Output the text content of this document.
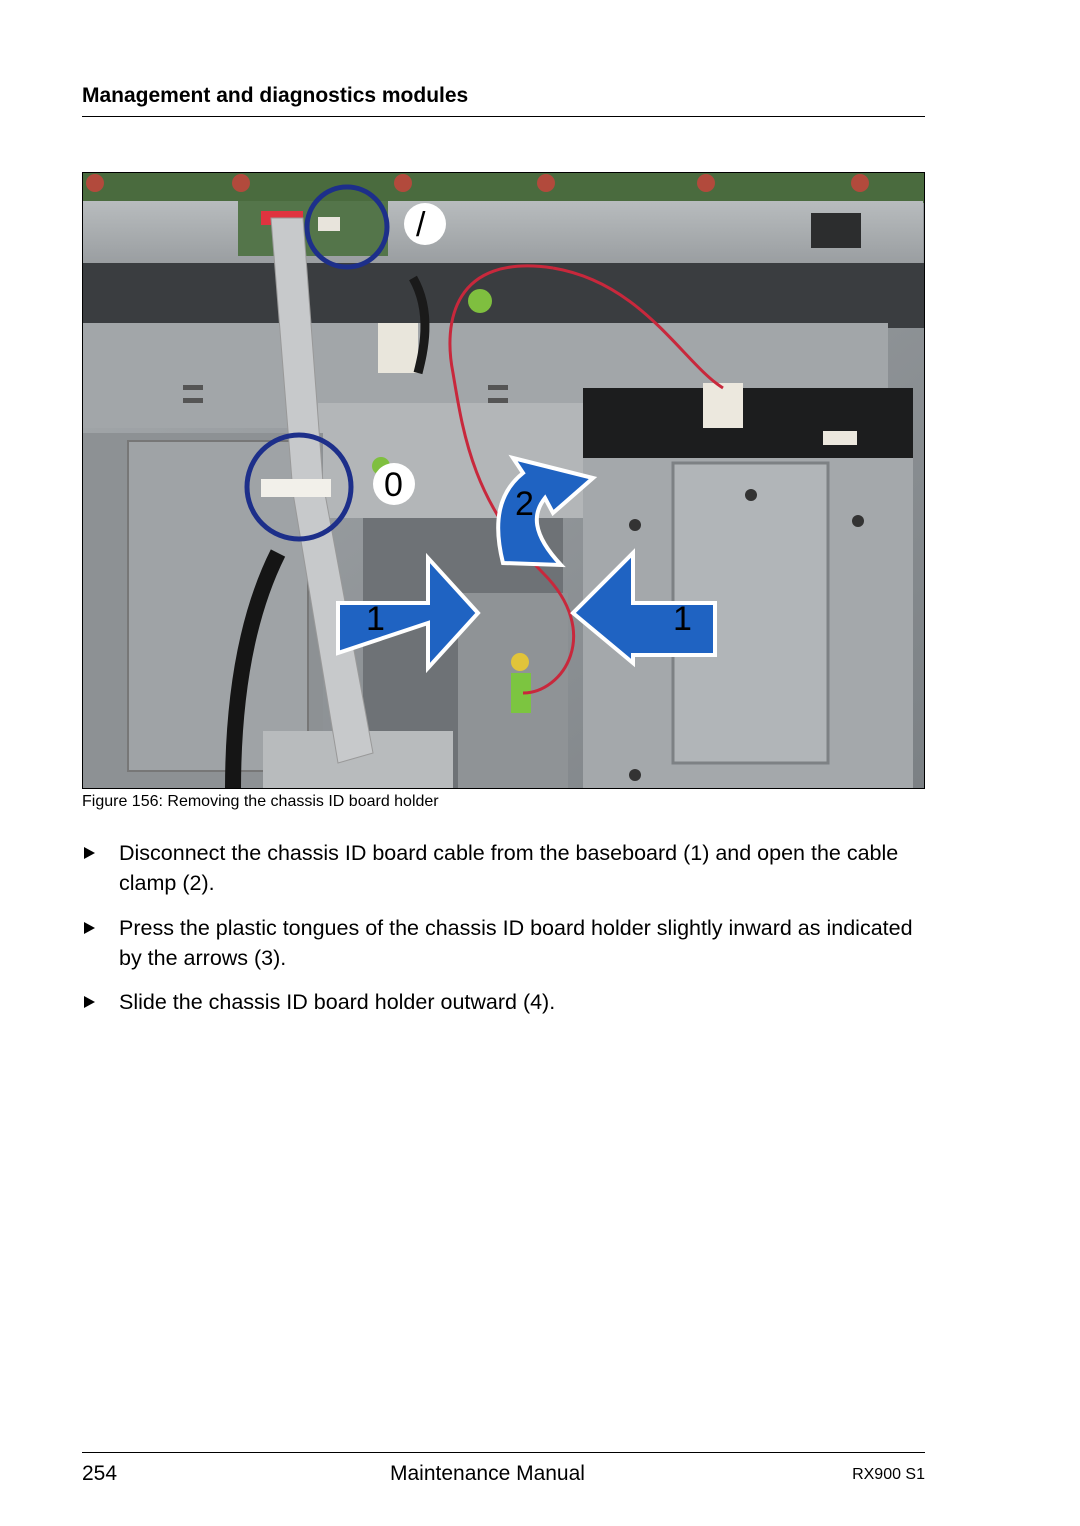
Management and diagnostics modules
/
0	2
1	1
Figure 156: Removing the chassis ID board holder
Disconnect the chassis ID board cable from the baseboard (1) and open the cable clamp (2).
Press the plastic tongues of the chassis ID board holder slightly inward as indicated by the arrows (3).
Slide the chassis ID board holder outward (4).
254	Maintenance Manual	RX900 S1
